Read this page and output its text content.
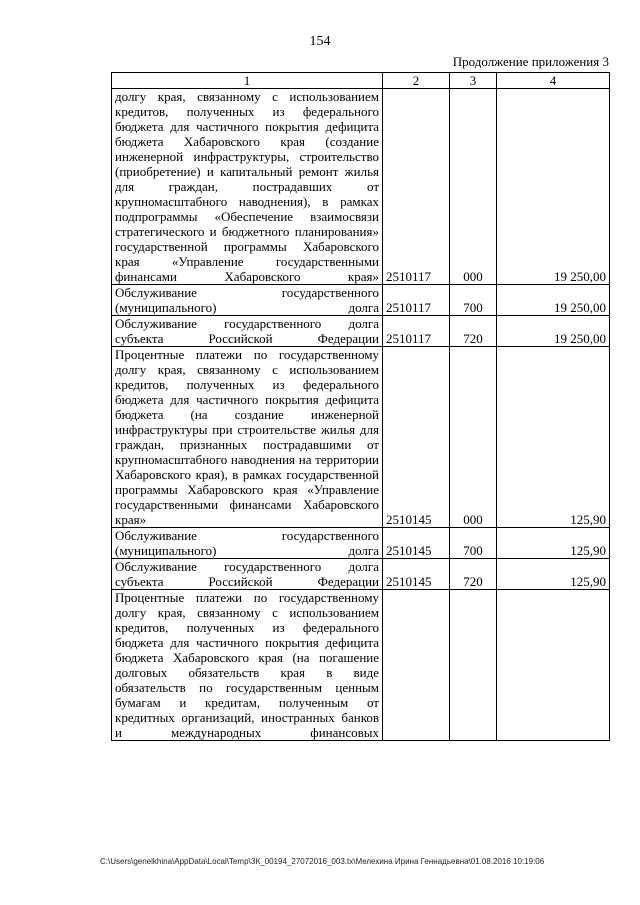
154
Продолжение приложения 3
1	2	3	4
долгу края, связанному с использованием кредитов, полученных из федерального бюджета для частичного покрытия дефицита бюджета Хабаровского края (создание инженерной инфраструктуры, строительство (приобретение) и капитальный ремонт жилья для граждан, пострадавших от крупномасштабного наводнения), в рамках подпрограммы «Обеспечение взаимосвязи стратегического и бюджетного планирования» государственной программы Хабаровского края «Управление государственными финансами Хабаровского края»	2510117	000	19 250,00
Обслуживание государственного (муниципального) долга	2510117	700	19 250,00
Обслуживание государственного долга субъекта Российской Федерации	2510117	720	19 250,00
Процентные платежи по государственному долгу края, связанному с использованием кредитов, полученных из федерального бюджета для частичного покрытия дефицита бюджета (на создание инженерной инфраструктуры при строительстве жилья для граждан, признанных пострадавшими от крупномасштабного наводнения на территории Хабаровского края), в рамках государственной программы Хабаровского края «Управление государственными финансами Хабаровского края»	2510145	000	125,90
Обслуживание государственного (муниципального) долга	2510145	700	125,90
Обслуживание государственного долга субъекта Российской Федерации	2510145	720	125,90
Процентные платежи по государственному долгу края, связанному с использованием кредитов, полученных из федерального бюджета для частичного покрытия дефицита бюджета Хабаровского края (на погашение долговых обязательств края в виде обязательств по государственным ценным бумагам и кредитам, полученным от кредитных организаций, иностранных банков и международных финансовых			
C:\Users\genelkhina\AppData\Local\Temp\ЗК_00194_27072016_003.tx\Мелехина Ирина Геннадьевна\01.08.2016 10:19:06
